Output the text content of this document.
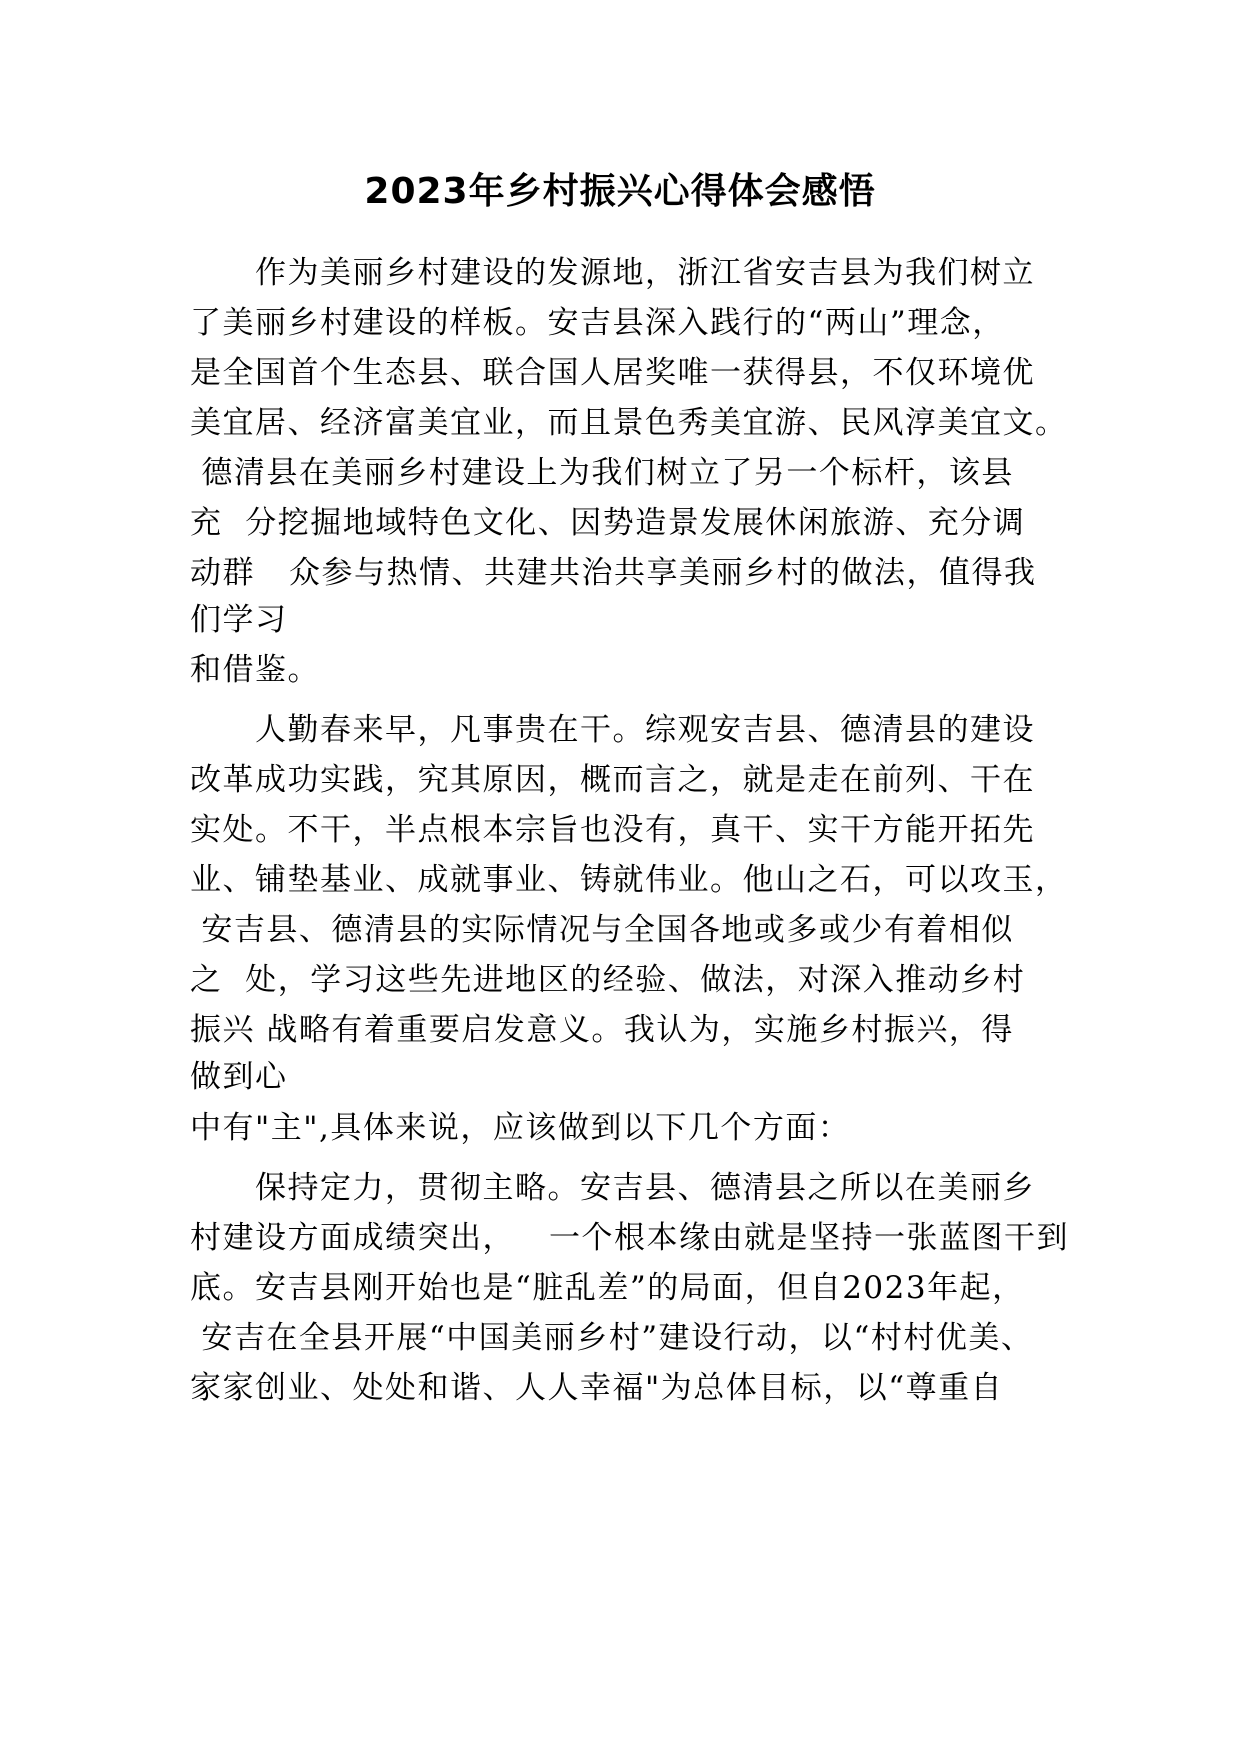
2023年乡村振兴心得体会感悟

　　作为美丽乡村建设的发源地，浙江省安吉县为我们树立

了美丽乡村建设的样板。安吉县深入践行的“两山”理念，

是全国首个生态县、联合国人居奖唯一获得县，不仅环境优

美宜居、经济富美宜业，而且景色秀美宜游、民风淳美宜文。

德清县在美丽乡村建设上为我们树立了另一个标杆，该县

充  分挖掘地域特色文化、因势造景发展休闲旅游、充分调

动群   众参与热情、共建共治共享美丽乡村的做法，值得我

们学习

和借鉴。

　　人勤春来早，凡事贵在干。综观安吉县、德清县的建设

改革成功实践，究其原因，概而言之，就是走在前列、干在

实处。不干，半点根本宗旨也没有，真干、实干方能开拓先

业、铺垫基业、成就事业、铸就伟业。他山之石，可以攻玉，

安吉县、德清县的实际情况与全国各地或多或少有着相似

之  处，学习这些先进地区的经验、做法，对深入推动乡村

振兴 战略有着重要启发意义。我认为，实施乡村振兴，得

做到心

中有"主",具体来说，应该做到以下几个方面：

　　保持定力，贯彻主略。安吉县、德清县之所以在美丽乡

村建设方面成绩突出，   一个根本缘由就是坚持一张蓝图干到

底。安吉县刚开始也是“脏乱差”的局面，但自2023年起，

安吉在全县开展“中国美丽乡村”建设行动，以“村村优美、

家家创业、处处和谐、人人幸福"为总体目标，以“尊重自
